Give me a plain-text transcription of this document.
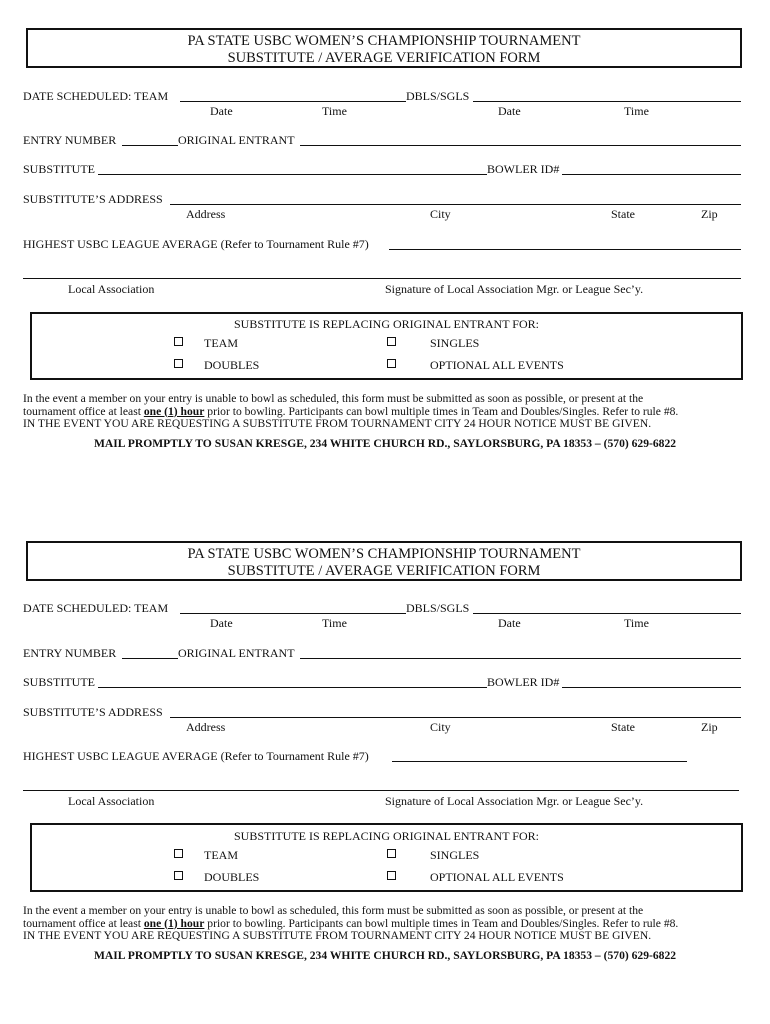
PA STATE USBC WOMEN’S CHAMPIONSHIP TOURNAMENT
SUBSTITUTE / AVERAGE VERIFICATION FORM
DATE SCHEDULED: TEAM	DBLS/SGLS
Date	Time	Date	Time
ENTRY NUMBER	ORIGINAL ENTRANT
SUBSTITUTE	BOWLER ID#
SUBSTITUTE’S ADDRESS
Address	City	State	Zip
HIGHEST USBC LEAGUE AVERAGE (Refer to Tournament Rule #7)
Local Association	Signature of Local Association Mgr. or League Sec’y.
SUBSTITUTE IS REPLACING ORIGINAL ENTRANT FOR:
TEAM
DOUBLES
SINGLES
OPTIONAL ALL EVENTS
In the event a member on your entry is unable to bowl as scheduled, this form must be submitted as soon as possible, or present at the
tournament office at least one (1) hour prior to bowling. Participants can bowl multiple times in Team and Doubles/Singles. Refer to rule #8.
IN THE EVENT YOU ARE REQUESTING A SUBSTITUTE FROM TOURNAMENT CITY 24 HOUR NOTICE MUST BE GIVEN.
MAIL PROMPTLY TO SUSAN KRESGE, 234 WHITE CHURCH RD., SAYLORSBURG, PA 18353 – (570) 629-6822
PA STATE USBC WOMEN’S CHAMPIONSHIP TOURNAMENT
SUBSTITUTE / AVERAGE VERIFICATION FORM
DATE SCHEDULED: TEAM	DBLS/SGLS
Date	Time	Date	Time
ENTRY NUMBER	ORIGINAL ENTRANT
SUBSTITUTE	BOWLER ID#
SUBSTITUTE’S ADDRESS
Address	City	State	Zip
HIGHEST USBC LEAGUE AVERAGE (Refer to Tournament Rule #7)
Local Association	Signature of Local Association Mgr. or League Sec’y.
SUBSTITUTE IS REPLACING ORIGINAL ENTRANT FOR:
TEAM
DOUBLES
SINGLES
OPTIONAL ALL EVENTS
In the event a member on your entry is unable to bowl as scheduled, this form must be submitted as soon as possible, or present at the
tournament office at least one (1) hour prior to bowling. Participants can bowl multiple times in Team and Doubles/Singles. Refer to rule #8.
IN THE EVENT YOU ARE REQUESTING A SUBSTITUTE FROM TOURNAMENT CITY 24 HOUR NOTICE MUST BE GIVEN.
MAIL PROMPTLY TO SUSAN KRESGE, 234 WHITE CHURCH RD., SAYLORSBURG, PA 18353 – (570) 629-6822
